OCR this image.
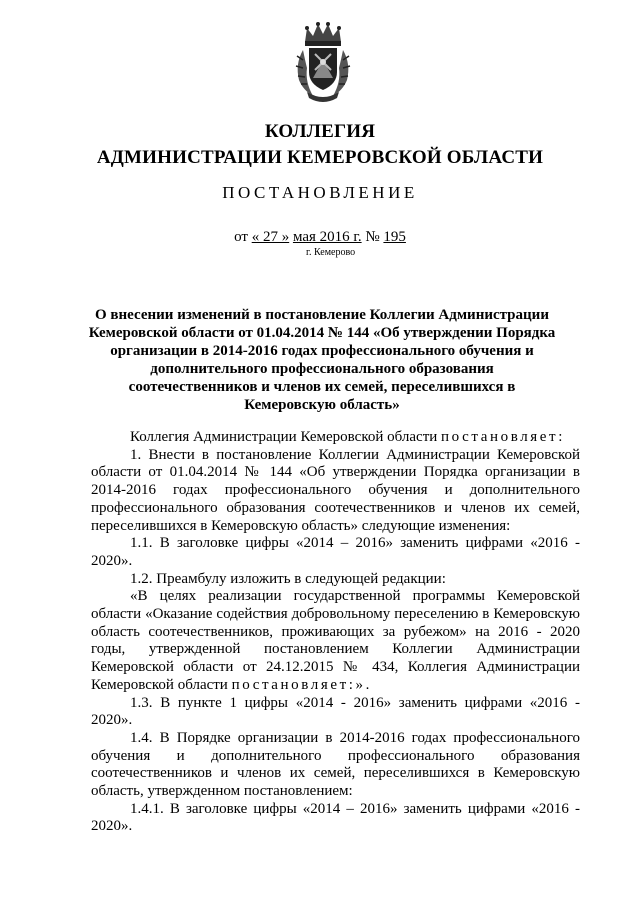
КОЛЛЕГИЯ
АДМИНИСТРАЦИИ КЕМЕРОВСКОЙ ОБЛАСТИ
ПОСТАНОВЛЕНИЕ
от « 27 » мая 2016 г. № 195
г. Кемерово
О внесении изменений в постановление Коллегии Администрации Кемеровской области от 01.04.2014 № 144 «Об утверждении Порядка организации в 2014-2016 годах профессионального обучения и дополнительного профессионального образования соотечественников и членов их семей, переселившихся в Кемеровскую область»

Коллегия Администрации Кемеровской области постановляет:

1. Внести в постановление Коллегии Администрации Кемеровской области от 01.04.2014 № 144 «Об утверждении Порядка организации в 2014-2016 годах профессионального обучения и дополнительного профессионального образования соотечественников и членов их семей, переселившихся в Кемеровскую область» следующие изменения:

1.1. В заголовке цифры «2014 – 2016» заменить цифрами «2016 - 2020».

1.2. Преамбулу изложить в следующей редакции:

«В целях реализации государственной программы Кемеровской области «Оказание содействия добровольному переселению в Кемеровскую область соотечественников, проживающих за рубежом» на 2016 - 2020 годы, утвержденной постановлением Коллегии Администрации Кемеровской области от 24.12.2015 № 434, Коллегия Администрации Кемеровской области постановляет:».

1.3. В пункте 1 цифры «2014 - 2016» заменить цифрами «2016 - 2020».

1.4. В Порядке организации в 2014-2016 годах профессионального обучения и дополнительного профессионального образования соотечественников и членов их семей, переселившихся в Кемеровскую область, утвержденном постановлением:

1.4.1. В заголовке цифры «2014 – 2016» заменить цифрами «2016 - 2020».
